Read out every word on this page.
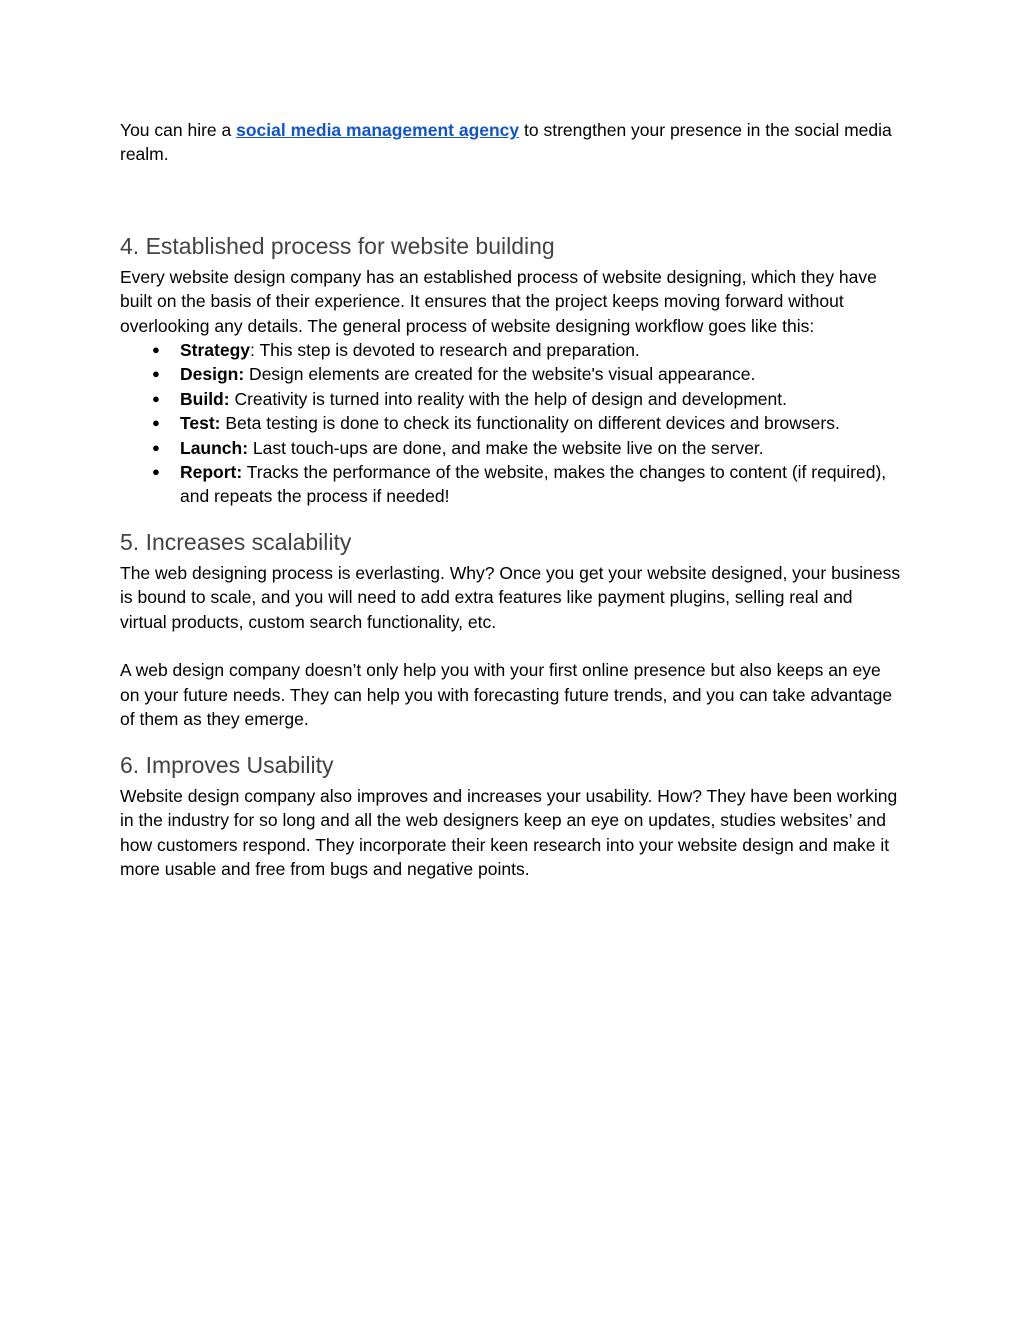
You can hire a social media management agency to strengthen your presence in the social media realm.

4. Established process for website building

Every website design company has an established process of website designing, which they have built on the basis of their experience. It ensures that the project keeps moving forward without overlooking any details. The general process of website designing workflow goes like this:

● Strategy: This step is devoted to research and preparation.
● Design: Design elements are created for the website's visual appearance.
● Build: Creativity is turned into reality with the help of design and development.
● Test: Beta testing is done to check its functionality on different devices and browsers.
● Launch: Last touch-ups are done, and make the website live on the server.
● Report: Tracks the performance of the website, makes the changes to content (if required), and repeats the process if needed!
5. Increases scalability

The web designing process is everlasting. Why? Once you get your website designed, your business is bound to scale, and you will need to add extra features like payment plugins, selling real and virtual products, custom search functionality, etc.

A web design company doesn’t only help you with your first online presence but also keeps an eye on your future needs. They can help you with forecasting future trends, and you can take advantage of them as they emerge.

6. Improves Usability

Website design company also improves and increases your usability. How? They have been working in the industry for so long and all the web designers keep an eye on updates, studies websites’ and how customers respond. They incorporate their keen research into your website design and make it more usable and free from bugs and negative points.
